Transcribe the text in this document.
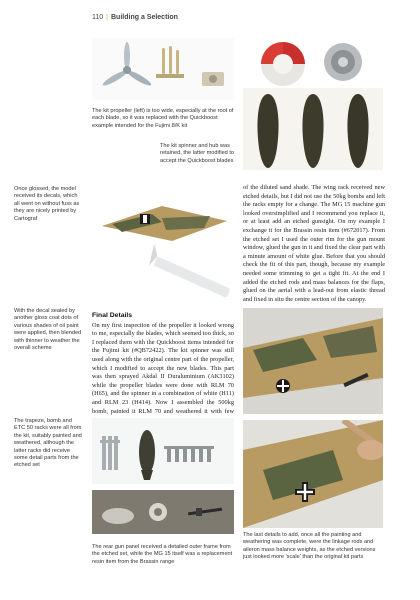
110 | Building a Selection
The kit propeller (left) is too wide, especially at the root of each blade, so it was replaced with the Quickboost example intended for the Fujimi 8/K kit
The kit spinner and hub was retained, the latter modified to accept the Quickboost blades
Once glossed, the model received its decals, which all went on without fuss as they are nicely printed by Cartograf

of the diluted sand shade. The wing rack received new etched details, but I did not use the 50kg bombs and left the racks empty for a change. The MG 15 machine gun looked oversimplified and I recommend you replace it, or at least add an etched gunsight. On my example I exchange it for the Brassin resin item (#672017). From the etched set I used the outer rim for the gun mount window, glued the gun in it and fixed the clear part with a minute amount of white glue. Before that you should check the fit of this part, though, because my example needed some trimming to get a tight fit. At the end I added the etched rods and mass balances for the flaps, glued on the aerial with a lead-out from elastic thread and fixed in situ the centre section of the canopy.

With the decal sealed by another gloss coat dots of various shades of oil paint were applied, then blended with thinner to weather the overall scheme
Final Details

On my first inspection of the propeller it looked wrong to me, especially the blades, which seemed too thick, so I replaced them with the Quickboost items intended for the Fujimi kit (#QB72422). The kit spinner was still used along with the original centre part of the propeller, which I modified to accept the new blades. This part was then sprayed Akdal II Duraluminium (AK3102) while the propeller blades were done with RLM 70 (H65), and the spinner in a combination of white (H11) and RLM 23 (H414). Now I assembled the 500kg bomb, painted it RLM 70 and weathered it with few

The trapeze, bomb and ETC 50 racks were all from the kit, suitably painted and weathered, although the latter racks did receive some detail parts from the etched set
The rear gun panel received a detailed outer frame from the etched set, while the MG 15 itself was a replacement resin item from the Brassin range
The last details to add, once all the painting and weathering was complete, were the linkage rods and aileron mass balance weights, as the etched versions just looked more 'scale' than the original kit parts
